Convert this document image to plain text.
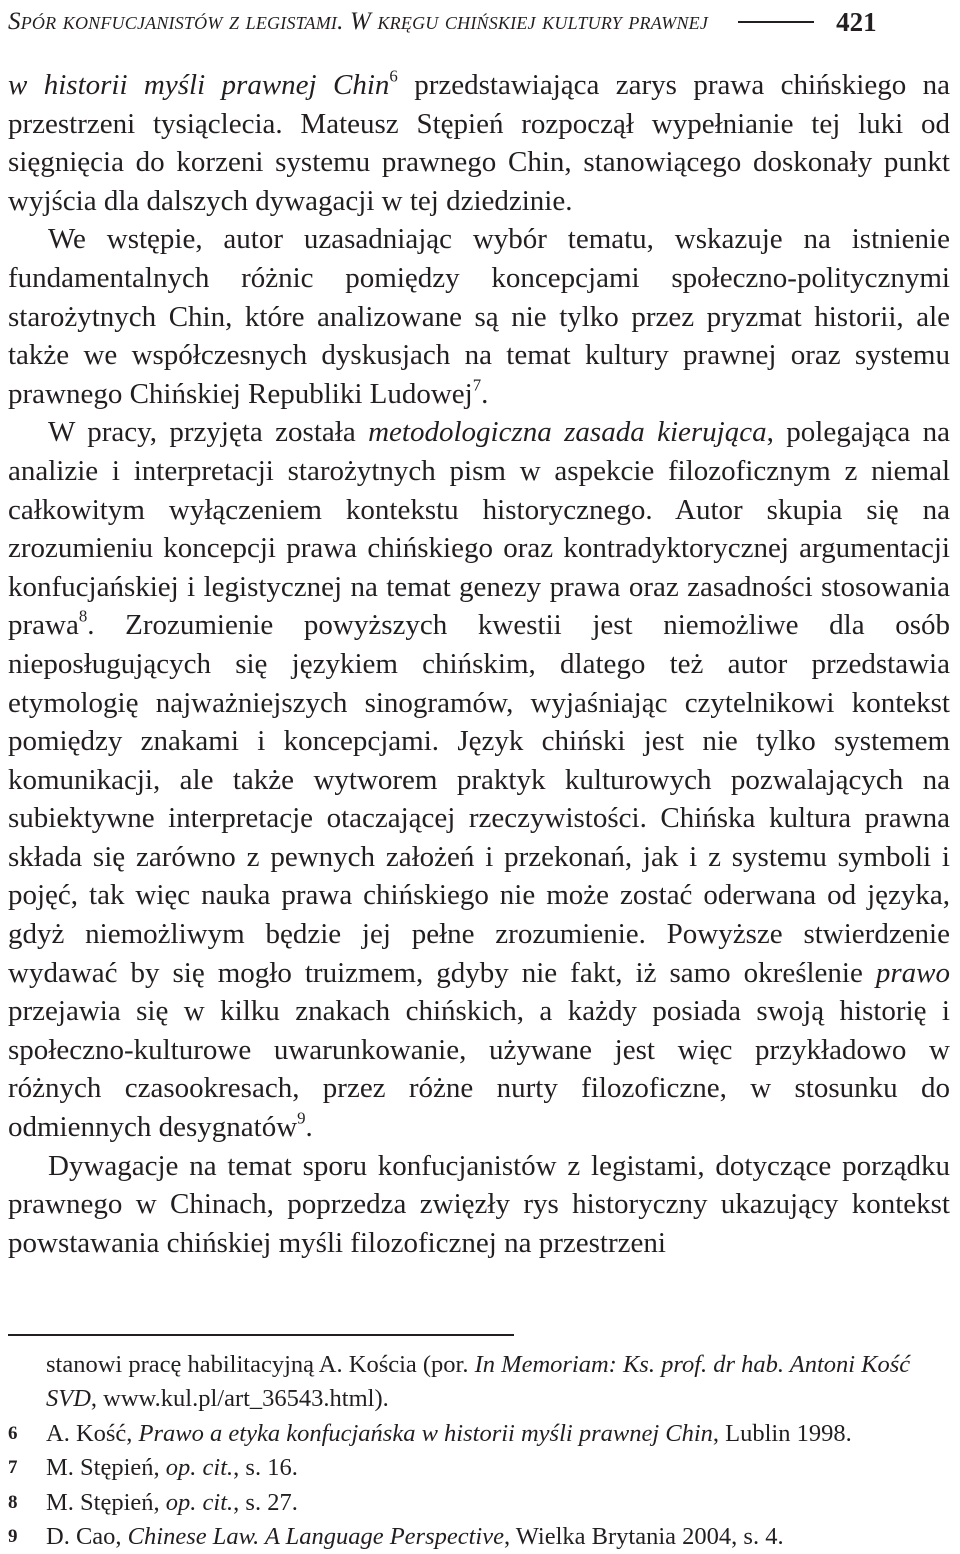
Spór konfucjanistów z legistami. W kręgu chińskiej kultury prawnej	421

w historii myśli prawnej Chin$^6$ przedstawiająca zarys prawa chińskiego na przestrzeni tysiąclecia. Mateusz Stępień rozpoczął wypełnianie tej luki od sięgnięcia do korzeni systemu prawnego Chin, stanowiącego doskonały punkt wyjścia dla dalszych dywagacji w tej dziedzinie.

We wstępie, autor uzasadniając wybór tematu, wskazuje na istnienie fundamentalnych różnic pomiędzy koncepcjami społeczno-politycznymi starożytnych Chin, które analizowane są nie tylko przez pryzmat historii, ale także we współczesnych dyskusjach na temat kultury prawnej oraz systemu prawnego Chińskiej Republiki Ludowej$^7$.

W pracy, przyjęta została metodologiczna zasada kierująca, polegająca na analizie i interpretacji starożytnych pism w aspekcie filozoficznym z niemal całkowitym wyłączeniem kontekstu historycznego. Autor skupia się na zrozumieniu koncepcji prawa chińskiego oraz kontradyktorycznej argumentacji konfucjańskiej i legistycznej na temat genezy prawa oraz zasadności stosowania prawa$^8$. Zrozumienie powyższych kwestii jest niemożliwe dla osób nieposługujących się językiem chińskim, dlatego też autor przedstawia etymologię najważniejszych sinogramów, wyjaśniając czytelnikowi kontekst pomiędzy znakami i koncepcjami. Język chiński jest nie tylko systemem komunikacji, ale także wytworem praktyk kulturowych pozwalających na subiektywne interpretacje otaczającej rzeczywistości. Chińska kultura prawna składa się zarówno z pewnych założeń i przekonań, jak i z systemu symboli i pojęć, tak więc nauka prawa chińskiego nie może zostać oderwana od języka, gdyż niemożliwym będzie jej pełne zrozumienie. Powyższe stwierdzenie wydawać by się mogło truizmem, gdyby nie fakt, iż samo określenie prawo przejawia się w kilku znakach chińskich, a każdy posiada swoją historię i społeczno-kulturowe uwarunkowanie, używane jest więc przykładowo w różnych czasookresach, przez różne nurty filozoficzne, w stosunku do odmiennych desygnatów$^9$.

Dywagacje na temat sporu konfucjanistów z legistami, dotyczące porządku prawnego w Chinach, poprzedza zwięzły rys historyczny ukazujący kontekst powstawania chińskiej myśli filozoficznej na przestrzeni

stanowi pracę habilitacyjną A. Kościa (por. In Memoriam: Ks. prof. dr hab. Antoni Kość SVD, www.kul.pl/art_36543.html).
6	A. Kość, Prawo a etyka konfucjańska w historii myśli prawnej Chin, Lublin 1998.
7	M. Stępień, op. cit., s. 16.
8	M. Stępień, op. cit., s. 27.
9	D. Cao, Chinese Law. A Language Perspective, Wielka Brytania 2004, s. 4.
